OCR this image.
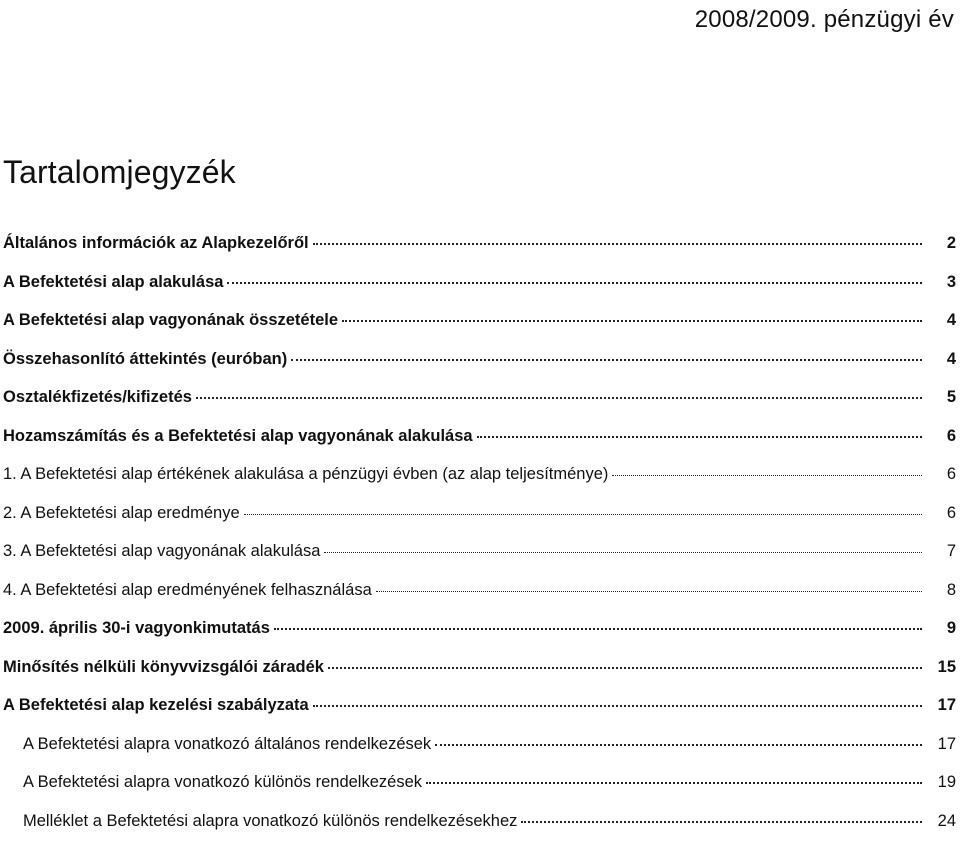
2008/2009. pénzügyi év
Tartalomjegyzék
Általános információk az Alapkezelőről	2
A Befektetési alap alakulása	3
A Befektetési alap vagyonának összetétele	4
Összehasonlító áttekintés (euróban)	4
Osztalékfizetés/kifizetés	5
Hozamszámítás és a Befektetési alap vagyonának alakulása	6
1. A Befektetési alap értékének alakulása a pénzügyi évben (az alap teljesítménye)	6
2. A Befektetési alap eredménye	6
3. A Befektetési alap vagyonának alakulása	7
4. A Befektetési alap eredményének felhasználása	8
2009. április 30-i vagyonkimutatás	9
Minősítés nélküli könyvvizsgálói záradék	15
A Befektetési alap kezelési szabályzata	17
A Befektetési alapra vonatkozó általános rendelkezések	17
A Befektetési alapra vonatkozó különös rendelkezések	19
Melléklet a Befektetési alapra vonatkozó különös rendelkezésekhez	24
